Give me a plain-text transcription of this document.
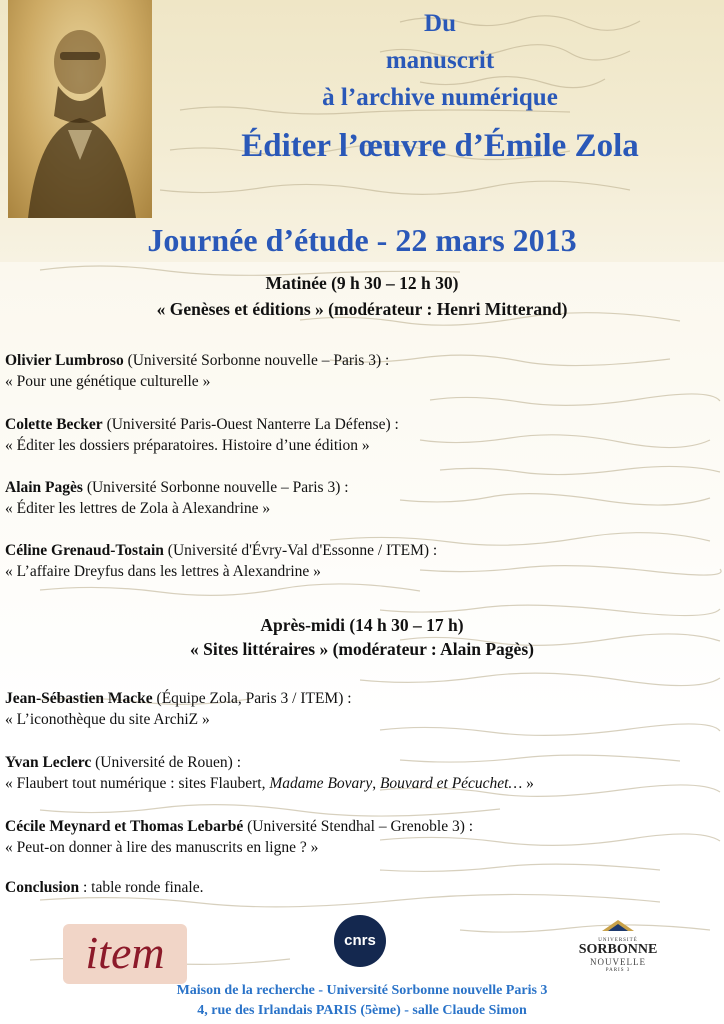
Du
manuscrit
à l’archive numérique
Éditer l’œuvre d’Émile Zola
Journée d’étude - 22 mars 2013
Matinée (9 h 30 – 12 h 30)
« Genèses et éditions » (modérateur : Henri Mitterand)
Olivier Lumbroso (Université Sorbonne nouvelle – Paris 3) :
« Pour une génétique culturelle »
Colette Becker (Université Paris-Ouest Nanterre La Défense) :
« Éditer les dossiers préparatoires. Histoire d’une édition »
Alain Pagès (Université Sorbonne nouvelle – Paris 3) :
« Éditer les lettres de Zola à Alexandrine »
Céline Grenaud-Tostain (Université d'Évry-Val d'Essonne / ITEM) :
« L’affaire Dreyfus dans les lettres à Alexandrine »
Après-midi (14 h 30 – 17 h)
« Sites littéraires » (modérateur : Alain Pagès)
Jean-Sébastien Macke (Équipe Zola, Paris 3 / ITEM) :
« L’iconothèque du site ArchiZ »
Yvan Leclerc (Université de Rouen) :
« Flaubert tout numérique : sites Flaubert, Madame Bovary, Bouvard et Pécuchet… »
Cécile Meynard et Thomas Lebarbé (Université Stendhal – Grenoble 3) :
« Peut-on donner à lire des manuscrits en ligne ? »
Conclusion : table ronde finale.
item	cnrs	UNIVERSITÉ
SORBONNE
NOUVELLE
PARIS 3

Maison de la recherche - Université Sorbonne nouvelle Paris 3

4, rue des Irlandais PARIS (5ème) - salle Claude Simon
